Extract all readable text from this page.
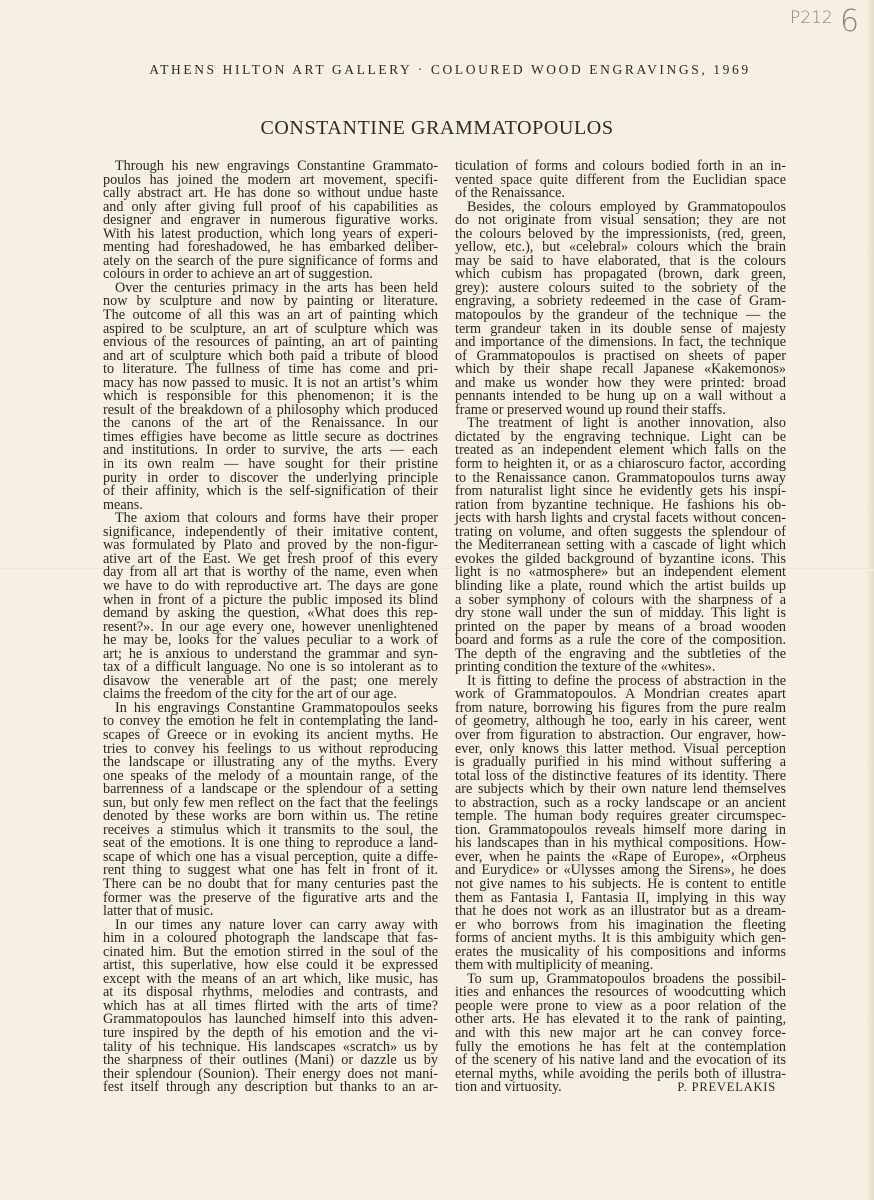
P212 6
ATHENS HILTON ART GALLERY · COLOURED WOOD ENGRAVINGS, 1969
CONSTANTINE GRAMMATOPOULOS
Through his new engravings Constantine Grammato-
poulos has joined the modern art movement, specifi-
cally abstract art. He has done so without undue haste
and only after giving full proof of his capabilities as
designer and engraver in numerous figurative works.
With his latest production, which long years of experi-
menting had foreshadowed, he has embarked deliber-
ately on the search of the pure significance of forms and
colours in order to achieve an art of suggestion.
Over the centuries primacy in the arts has been held
now by sculpture and now by painting or literature.
The outcome of all this was an art of painting which
aspired to be sculpture, an art of sculpture which was
envious of the resources of painting, an art of painting
and art of sculpture which both paid a tribute of blood
to literature. The fullness of time has come and pri-
macy has now passed to music. It is not an artist’s whim
which is responsible for this phenomenon; it is the
result of the breakdown of a philosophy which produced
the canons of the art of the Renaissance. In our
times effigies have become as little secure as doctrines
and institutions. In order to survive, the arts — each
in its own realm — have sought for their pristine
purity in order to discover the underlying principle
of their affinity, which is the self-signification of their
means.
The axiom that colours and forms have their proper
significance, independently of their imitative content,
was formulated by Plato and proved by the non-figur-
ative art of the East. We get fresh proof of this every
day from all art that is worthy of the name, even when
we have to do with reproductive art. The days are gone
when in front of a picture the public imposed its blind
demand by asking the question, «What does this rep-
resent?». In our age every one, however unenlightened
he may be, looks for the values peculiar to a work of
art; he is anxious to understand the grammar and syn-
tax of a difficult language. No one is so intolerant as to
disavow the venerable art of the past; one merely
claims the freedom of the city for the art of our age.
In his engravings Constantine Grammatopoulos seeks
to convey the emotion he felt in contemplating the land-
scapes of Greece or in evoking its ancient myths. He
tries to convey his feelings to us without reproducing
the landscape or illustrating any of the myths. Every
one speaks of the melody of a mountain range, of the
barrenness of a landscape or the splendour of a setting
sun, but only few men reflect on the fact that the feelings
denoted by these works are born within us. The retine
receives a stimulus which it transmits to the soul, the
seat of the emotions. It is one thing to reproduce a land-
scape of which one has a visual perception, quite a diffe-
rent thing to suggest what one has felt in front of it.
There can be no doubt that for many centuries past the
former was the preserve of the figurative arts and the
latter that of music.
In our times any nature lover can carry away with
him in a coloured photograph the landscape that fas-
cinated him. But the emotion stirred in the soul of the
artist, this superlative, how else could it be expressed
except with the means of an art which, like music, has
at its disposal rhythms, melodies and contrasts, and
which has at all times flirted with the arts of time?
Grammatopoulos has launched himself into this adven-
ture inspired by the depth of his emotion and the vi-
tality of his technique. His landscapes «scratch» us by
the sharpness of their outlines (Mani) or dazzle us by
their splendour (Sounion). Their energy does not mani-
fest itself through any description but thanks to an ar-
ticulation of forms and colours bodied forth in an in-
vented space quite different from the Euclidian space
of the Renaissance.
Besides, the colours employed by Grammatopoulos
do not originate from visual sensation; they are not
the colours beloved by the impressionists, (red, green,
yellow, etc.), but «celebral» colours which the brain
may be said to have elaborated, that is the colours
which cubism has propagated (brown, dark green,
grey): austere colours suited to the sobriety of the
engraving, a sobriety redeemed in the case of Gram-
matopoulos by the grandeur of the technique — the
term grandeur taken in its double sense of majesty
and importance of the dimensions. In fact, the technique
of Grammatopoulos is practised on sheets of paper
which by their shape recall Japanese «Kakemonos»
and make us wonder how they were printed: broad
pennants intended to be hung up on a wall without a
frame or preserved wound up round their staffs.
The treatment of light is another innovation, also
dictated by the engraving technique. Light can be
treated as an independent element which falls on the
form to heighten it, or as a chiaroscuro factor, according
to the Renaissance canon. Grammatopoulos turns away
from naturalist light since he evidently gets his inspi-
ration from byzantine technique. He fashions his ob-
jects with harsh lights and crystal facets without concen-
trating on volume, and often suggests the splendour of
the Mediterranean setting with a cascade of light which
evokes the gilded background of byzantine icons. This
light is no «atmosphere» but an independent element
blinding like a plate, round which the artist builds up
a sober symphony of colours with the sharpness of a
dry stone wall under the sun of midday. This light is
printed on the paper by means of a broad wooden
board and forms as a rule the core of the composition.
The depth of the engraving and the subtleties of the
printing condition the texture of the «whites».
It is fitting to define the process of abstraction in the
work of Grammatopoulos. A Mondrian creates apart
from nature, borrowing his figures from the pure realm
of geometry, although he too, early in his career, went
over from figuration to abstraction. Our engraver, how-
ever, only knows this latter method. Visual perception
is gradually purified in his mind without suffering a
total loss of the distinctive features of its identity. There
are subjects which by their own nature lend themselves
to abstraction, such as a rocky landscape or an ancient
temple. The human body requires greater circumspec-
tion. Grammatopoulos reveals himself more daring in
his landscapes than in his mythical compositions. How-
ever, when he paints the «Rape of Europe», «Orpheus
and Eurydice» or «Ulysses among the Sirens», he does
not give names to his subjects. He is content to entitle
them as Fantasia I, Fantasia II, implying in this way
that he does not work as an illustrator but as a dream-
er who borrows from his imagination the fleeting
forms of ancient myths. It is this ambiguity which gen-
erates the musicality of his compositions and informs
them with multiplicity of meaning.
To sum up, Grammatopoulos broadens the possibil-
ities and enhances the resources of woodcutting which
people were prone to view as a poor relation of the
other arts. He has elevated it to the rank of painting,
and with this new major art he can convey force-
fully the emotions he has felt at the contemplation
of the scenery of his native land and the evocation of its
eternal myths, while avoiding the perils both of illustra-
tion and virtuosity.	P. PREVELAKIS
